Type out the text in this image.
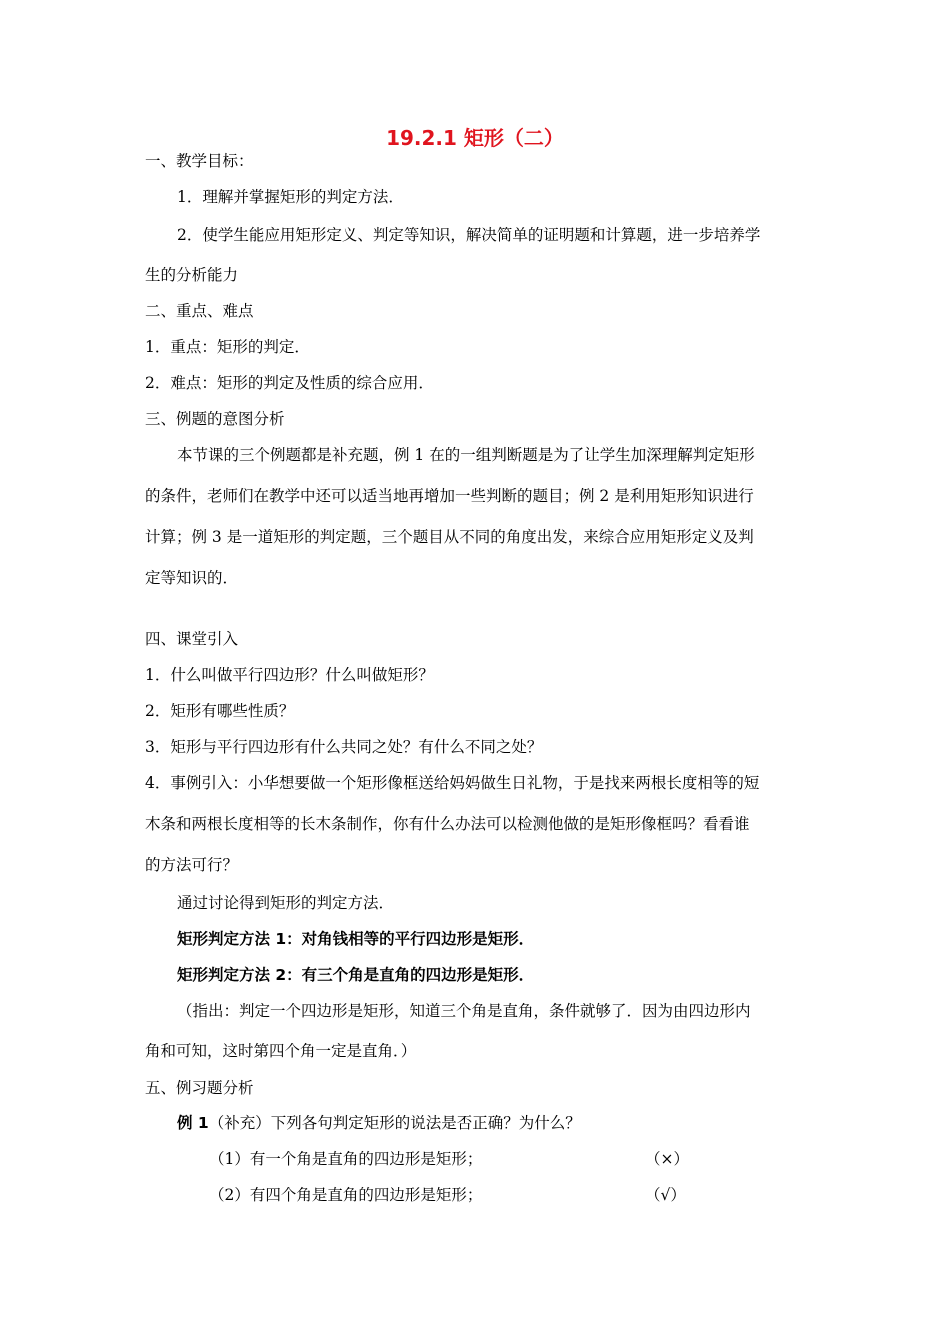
19.2.1 矩形（二）
一、教学目标：
1．理解并掌握矩形的判定方法．
2．使学生能应用矩形定义、判定等知识，解决简单的证明题和计算题，进一步培养学
生的分析能力
二、重点、难点
1．重点：矩形的判定．
2．难点：矩形的判定及性质的综合应用．
三、例题的意图分析
本节课的三个例题都是补充题，例 1 在的一组判断题是为了让学生加深理解判定矩形
的条件，老师们在教学中还可以适当地再增加一些判断的题目；例 2 是利用矩形知识进行
计算；例 3 是一道矩形的判定题，三个题目从不同的角度出发，来综合应用矩形定义及判
定等知识的．
四、课堂引入
1．什么叫做平行四边形？什么叫做矩形？
2．矩形有哪些性质？
3．矩形与平行四边形有什么共同之处？有什么不同之处？
4．事例引入：小华想要做一个矩形像框送给妈妈做生日礼物，于是找来两根长度相等的短
木条和两根长度相等的长木条制作，你有什么办法可以检测他做的是矩形像框吗？看看谁
的方法可行？
通过讨论得到矩形的判定方法．
矩形判定方法 1：对角钱相等的平行四边形是矩形．
矩形判定方法 2：有三个角是直角的四边形是矩形．
（指出：判定一个四边形是矩形，知道三个角是直角，条件就够了．因为由四边形内
角和可知，这时第四个角一定是直角．）
五、例习题分析
例 1（补充）下列各句判定矩形的说法是否正确？为什么？
（1）有一个角是直角的四边形是矩形；	（×）
（2）有四个角是直角的四边形是矩形；	（√）
